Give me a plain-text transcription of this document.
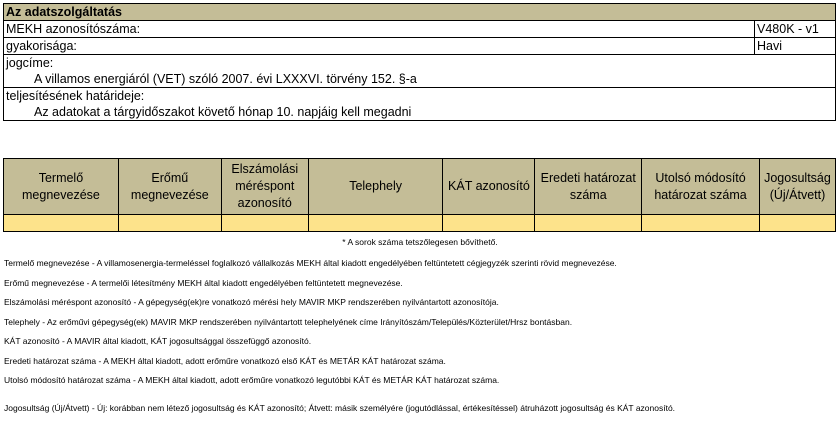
Az adatszolgáltatás	
MEKH azonosítószáma:	V480K - v1
gyakorisága:	Havi
jogcíme:	
A villamos energiáról (VET) szóló 2007. évi LXXXVI. törvény 152. §-a	
teljesítésének határideje:	
Az adatokat a tárgyidőszakot követő hónap 10. napjáig kell megadni	
Termelő megnevezése	Erőmű megnevezése	Elszámolási méréspont azonosító	Telephely	KÁT azonosító	Eredeti határozat száma	Utolsó módosító határozat száma	Jogosultság (Új/Átvett)

* A sorok száma tetszőlegesen bővíthető.
Termelő megnevezése - A villamosenergia-termeléssel foglalkozó vállalkozás MEKH által kiadott engedélyében feltüntetett cégjegyzék szerinti rövid megnevezése.
Erőmű megnevezése - A termelői létesítmény MEKH által kiadott engedélyében feltüntetett megnevezése.
Elszámolási méréspont azonosító - A gépegység(ek)re vonatkozó mérési hely MAVIR MKP rendszerében nyilvántartott azonosítója.
Telephely - Az erőművi gépegység(ek) MAVIR MKP rendszerében nyilvántartott telephelyének címe Irányítószám/Település/Közterület/Hrsz bontásban.
KÁT azonosító - A MAVIR által kiadott, KÁT jogosultsággal összefüggő azonosító.
Eredeti határozat száma - A MEKH által kiadott, adott erőműre vonatkozó első KÁT és METÁR KÁT határozat száma.
Utolsó módosító határozat száma - A MEKH által kiadott, adott erőműre vonatkozó legutóbbi KÁT és METÁR KÁT határozat száma.
Jogosultság (Új/Átvett) - Új: korábban nem létező jogosultság és KÁT azonosító; Átvett: másik személyére (jogutódlással, értékesítéssel) átruházott jogosultság és KÁT azonosító.
